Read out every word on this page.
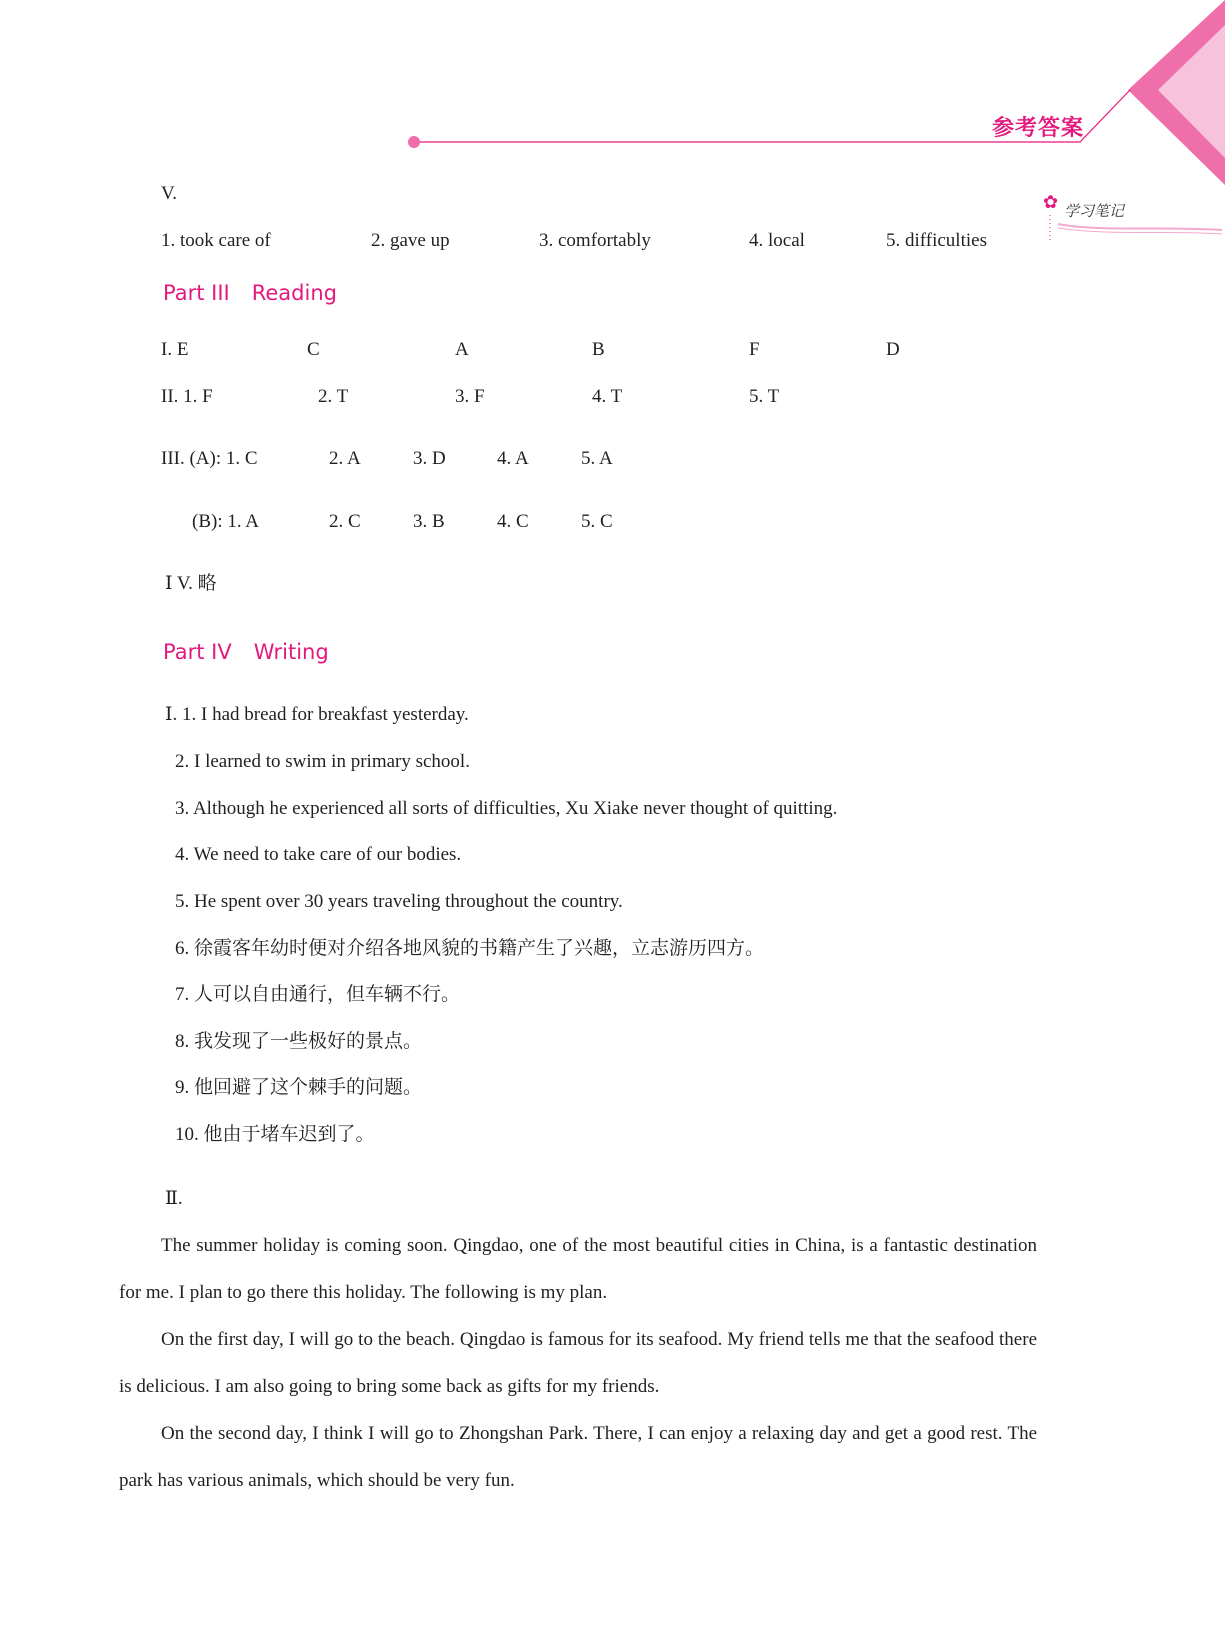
参考答案
✿ 学习笔记
V.
1. took care of	2. gave up	3. comfortably	4. local	5. difficulties
Part III Reading
I. E	C	A	B	F	D
II. 1. F	2. T	3. F	4. T	5. T
III. (A): 1. C	2. A	3. D	4. A	5. A
(B): 1. A	2. C	3. B	4. C	5. C
Ⅰ V. 略
Part IV Writing
Ⅰ. 1. I had bread for breakfast yesterday.
2. I learned to swim in primary school.
3. Although he experienced all sorts of difficulties, Xu Xiake never thought of quitting.
4. We need to take care of our bodies.
5. He spent over 30 years traveling throughout the country.
6. 徐霞客年幼时便对介绍各地风貌的书籍产生了兴趣，立志游历四方。
7. 人可以自由通行，但车辆不行。
8. 我发现了一些极好的景点。
9. 他回避了这个棘手的问题。
10. 他由于堵车迟到了。
Ⅱ.
The summer holiday is coming soon. Qingdao, one of the most beautiful cities in China, is a fantastic destination for me. I plan to go there this holiday. The following is my plan.
On the first day, I will go to the beach. Qingdao is famous for its seafood. My friend tells me that the seafood there is delicious. I am also going to bring some back as gifts for my friends.
On the second day, I think I will go to Zhongshan Park. There, I can enjoy a relaxing day and get a good rest. The park has various animals, which should be very fun.
